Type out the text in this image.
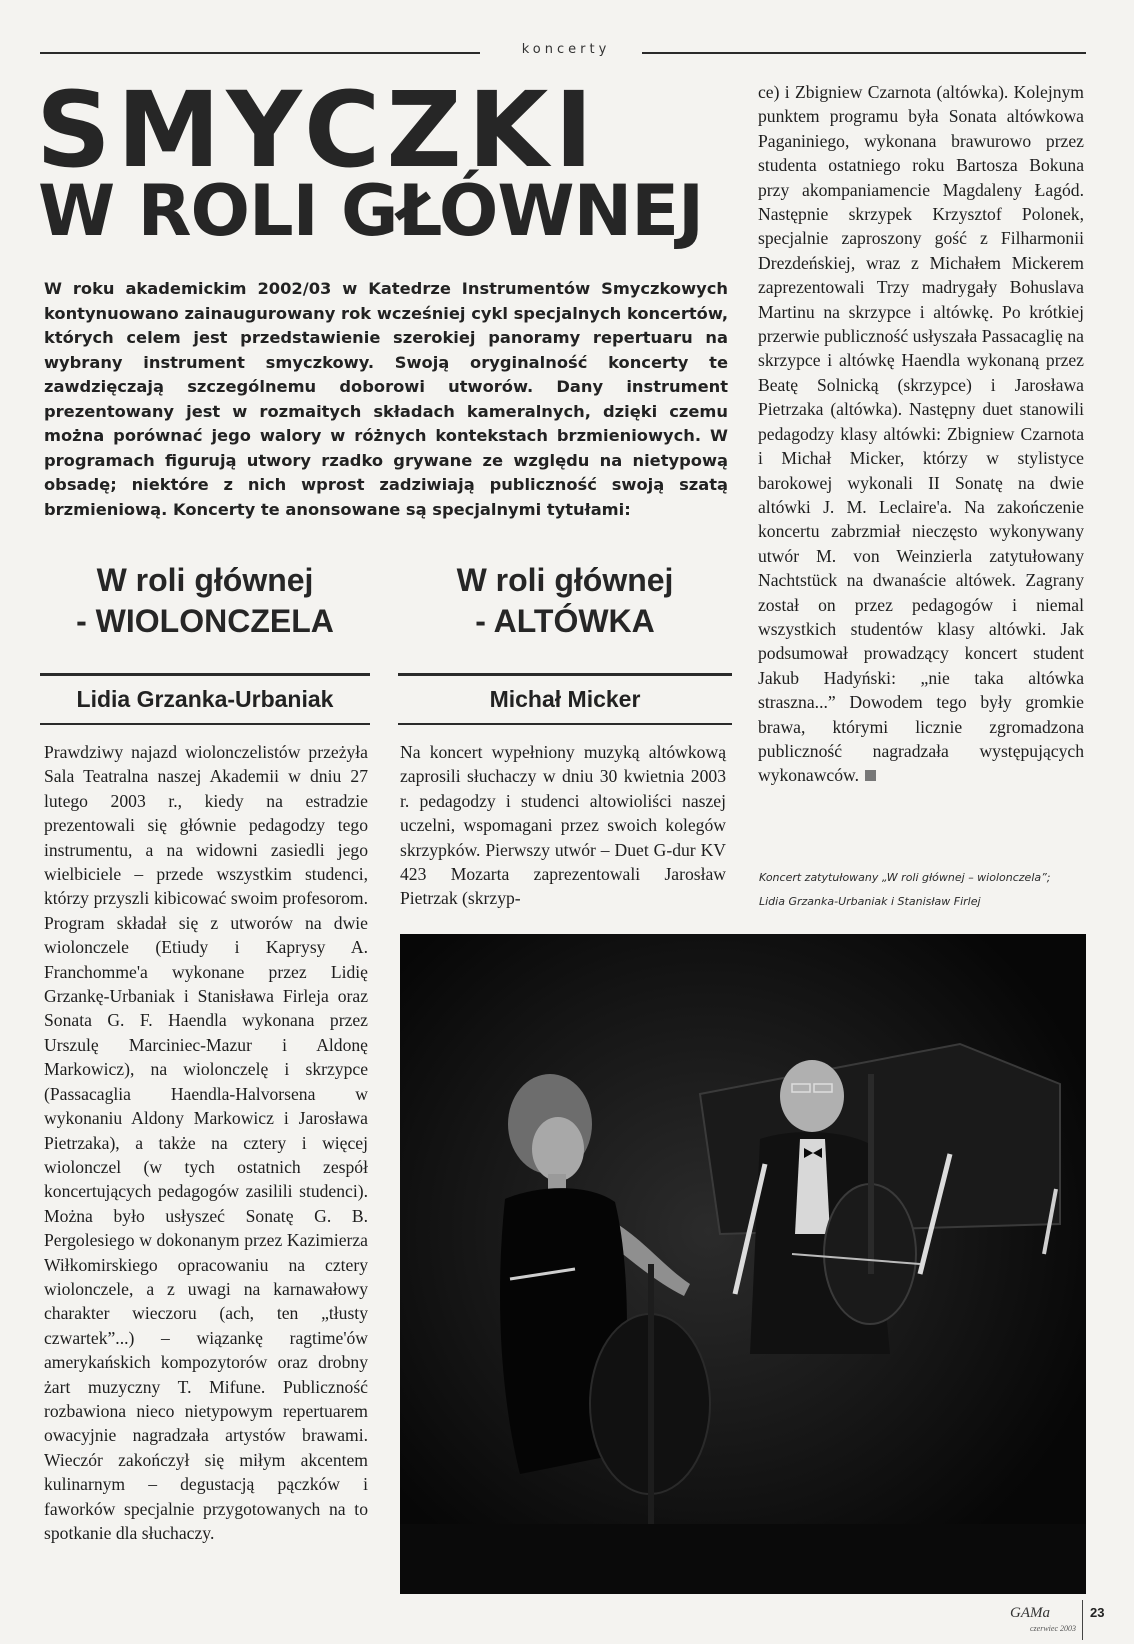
koncerty
SMYCZKI
W ROLI GŁÓWNEJ
W roku akademickim 2002/03 w Katedrze Instrumentów Smyczkowych kontynuowano zainaugurowany rok wcześniej cykl specjalnych koncertów, których celem jest przedstawienie szerokiej panoramy repertuaru na wybrany instrument smyczkowy. Swoją oryginalność koncerty te zawdzięczają szczególnemu doborowi utworów. Dany instrument prezentowany jest w rozmaitych składach kameralnych, dzięki czemu można porównać jego walory w różnych kontekstach brzmieniowych. W programach figurują utwory rzadko grywane ze względu na nietypową obsadę; niektóre z nich wprost zadziwiają publiczność swoją szatą brzmieniową. Koncerty te anonsowane są specjalnymi tytułami:
W roli głównej
- WIOLONCZELA
Lidia Grzanka-Urbaniak

Prawdziwy najazd wiolonczelistów przeżyła Sala Teatralna naszej Akademii w dniu 27 lutego 2003 r., kiedy na estradzie prezentowali się głównie pedagodzy tego instrumentu, a na widowni zasiedli jego wielbiciele – przede wszystkim studenci, którzy przyszli kibicować swoim profesorom. Program składał się z utworów na dwie wiolonczele (Etiudy i Kaprysy A. Franchomme'a wykonane przez Lidię Grzankę-Urbaniak i Stanisława Firleja oraz Sonata G. F. Haendla wykonana przez Urszulę Marciniec-Mazur i Aldonę Markowicz), na wiolonczelę i skrzypce (Passacaglia Haendla-Halvorsena w wykonaniu Aldony Markowicz i Jarosława Pietrzaka), a także na cztery i więcej wiolonczel (w tych ostatnich zespół koncertujących pedagogów zasilili studenci). Można było usłyszeć Sonatę G. B. Pergolesiego w dokonanym przez Kazimierza Wiłkomirskiego opracowaniu na cztery wiolonczele, a z uwagi na karnawałowy charakter wieczoru (ach, ten „tłusty czwartek”...) – wiązankę ragtime'ów amerykańskich kompozytorów oraz drobny żart muzyczny T. Mifune. Publiczność rozbawiona nieco nietypowym repertuarem owacyjnie nagradzała artystów brawami. Wieczór zakończył się miłym akcentem kulinarnym – degustacją pączków i faworków specjalnie przygotowanych na to spotkanie dla słuchaczy.

W roli głównej
- ALTÓWKA
Michał Micker

Na koncert wypełniony muzyką altówkową zaprosili słuchaczy w dniu 30 kwietnia 2003 r. pedagodzy i studenci altowioliści naszej uczelni, wspomagani przez swoich kolegów skrzypków. Pierwszy utwór – Duet G-dur KV 423 Mozarta zaprezentowali Jarosław Pietrzak (skrzyp-

ce) i Zbigniew Czarnota (altówka). Kolejnym punktem programu była Sonata altówkowa Paganiniego, wykonana brawurowo przez studenta ostatniego roku Bartosza Bokuna przy akompaniamencie Magdaleny Łagód. Następnie skrzypek Krzysztof Polonek, specjalnie zaproszony gość z Filharmonii Drezdeńskiej, wraz z Michałem Mickerem zaprezentowali Trzy madrygały Bohuslava Martinu na skrzypce i altówkę. Po krótkiej przerwie publiczność usłyszała Passacaglię na skrzypce i altówkę Haendla wykonaną przez Beatę Solnicką (skrzypce) i Jarosława Pietrzaka (altówka). Następny duet stanowili pedagodzy klasy altówki: Zbigniew Czarnota i Michał Micker, którzy w stylistyce barokowej wykonali II Sonatę na dwie altówki J. M. Leclaire'a. Na zakończenie koncertu zabrzmiał nieczęsto wykonywany utwór M. von Weinzierla zatytułowany Nachtstück na dwanaście altówek. Zagrany został on przez pedagogów i niemal wszystkich studentów klasy altówki. Jak podsumował prowadzący koncert student Jakub Hadyński: „nie taka altówka straszna...” Dowodem tego były gromkie brawa, którymi licznie zgromadzona publiczność nagradzała występujących wykonawców.

Koncert zatytułowany „W roli głównej – wiolonczela”;
Lidia Grzanka-Urbaniak i Stanisław Firlej
GAMa
czerwiec 2003
23
